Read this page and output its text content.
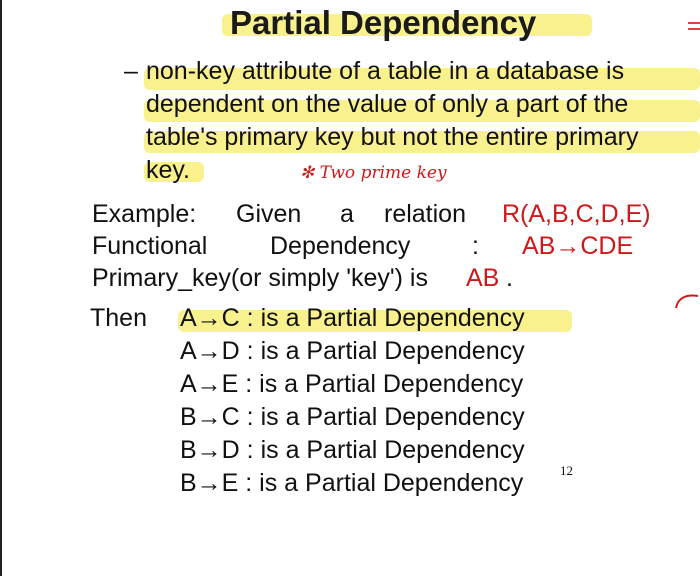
Partial Dependency
– non-key attribute of a table in a database is
dependent on the value of only a part of the
table's primary key but not the entire primary
key.	✻ Two prime key
Example: Given a relation R(A,B,C,D,E)
Functional	Dependency : AB→CDE
Primary_key(or simply 'key') is AB .
Then A→C : is a Partial Dependency
A→D : is a Partial Dependency
A→E : is a Partial Dependency
B→C : is a Partial Dependency
B→D : is a Partial Dependency
B→E : is a Partial Dependency	12
